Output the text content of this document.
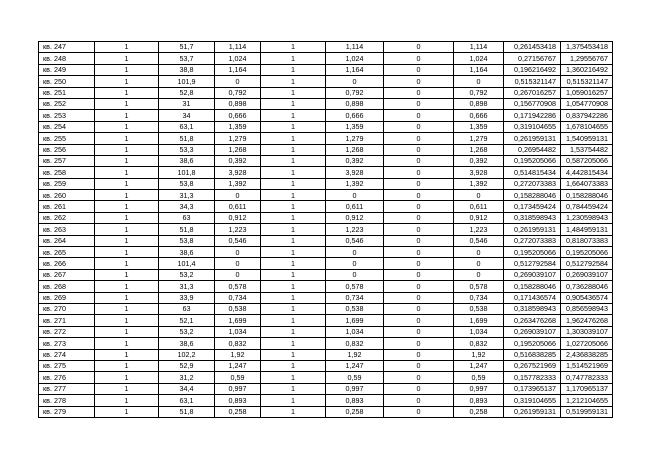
кв. 247	1	51,7	1,114	1	1,114	0	1,114	0,261453418	1,375453418
кв. 248	1	53,7	1,024	1	1,024	0	1,024	0,27156767	1,29556767
кв. 249	1	38,8	1,164	1	1,164	0	1,164	0,196216492	1,360216492
кв. 250	1	101,9	0	1	0	0	0	0,515321147	0,515321147
кв. 251	1	52,8	0,792	1	0,792	0	0,792	0,267016257	1,059016257
кв. 252	1	31	0,898	1	0,898	0	0,898	0,156770908	1,054770908
кв. 253	1	34	0,666	1	0,666	0	0,666	0,171942286	0,837942286
кв. 254	1	63,1	1,359	1	1,359	0	1,359	0,319104655	1,678104655
кв. 255	1	51,8	1,279	1	1,279	0	1,279	0,261959131	1,540959131
кв. 256	1	53,3	1,268	1	1,268	0	1,268	0,26954482	1,53754482
кв. 257	1	38,6	0,392	1	0,392	0	0,392	0,195205066	0,587205066
кв. 258	1	101,8	3,928	1	3,928	0	3,928	0,514815434	4,442815434
кв. 259	1	53,8	1,392	1	1,392	0	1,392	0,272073383	1,664073383
кв. 260	1	31,3	0	1	0	0	0	0,158288046	0,158288046
кв. 261	1	34,3	0,611	1	0,611	0	0,611	0,173459424	0,784459424
кв. 262	1	63	0,912	1	0,912	0	0,912	0,318598943	1,230598943
кв. 263	1	51,8	1,223	1	1,223	0	1,223	0,261959131	1,484959131
кв. 264	1	53,8	0,546	1	0,546	0	0,546	0,272073383	0,818073383
кв. 265	1	38,6	0	1	0	0	0	0,195205066	0,195205066
кв. 266	1	101,4	0	1	0	0	0	0,512792584	0,512792584
кв. 267	1	53,2	0	1	0	0	0	0,269039107	0,269039107
кв. 268	1	31,3	0,578	1	0,578	0	0,578	0,158288046	0,736288046
кв. 269	1	33,9	0,734	1	0,734	0	0,734	0,171436574	0,905436574
кв. 270	1	63	0,538	1	0,538	0	0,538	0,318598943	0,856598943
кв. 271	1	52,1	1,699	1	1,699	0	1,699	0,263476268	1,962476268
кв. 272	1	53,2	1,034	1	1,034	0	1,034	0,269039107	1,303039107
кв. 273	1	38,6	0,832	1	0,832	0	0,832	0,195205066	1,027205066
кв. 274	1	102,2	1,92	1	1,92	0	1,92	0,516838285	2,436838285
кв. 275	1	52,9	1,247	1	1,247	0	1,247	0,267521969	1,514521969
кв. 276	1	31,2	0,59	1	0,59	0	0,59	0,157782333	0,747782333
кв. 277	1	34,4	0,997	1	0,997	0	0,997	0,173965137	1,170965137
кв. 278	1	63,1	0,893	1	0,893	0	0,893	0,319104655	1,212104655
кв. 279	1	51,8	0,258	1	0,258	0	0,258	0,261959131	0,519959131
